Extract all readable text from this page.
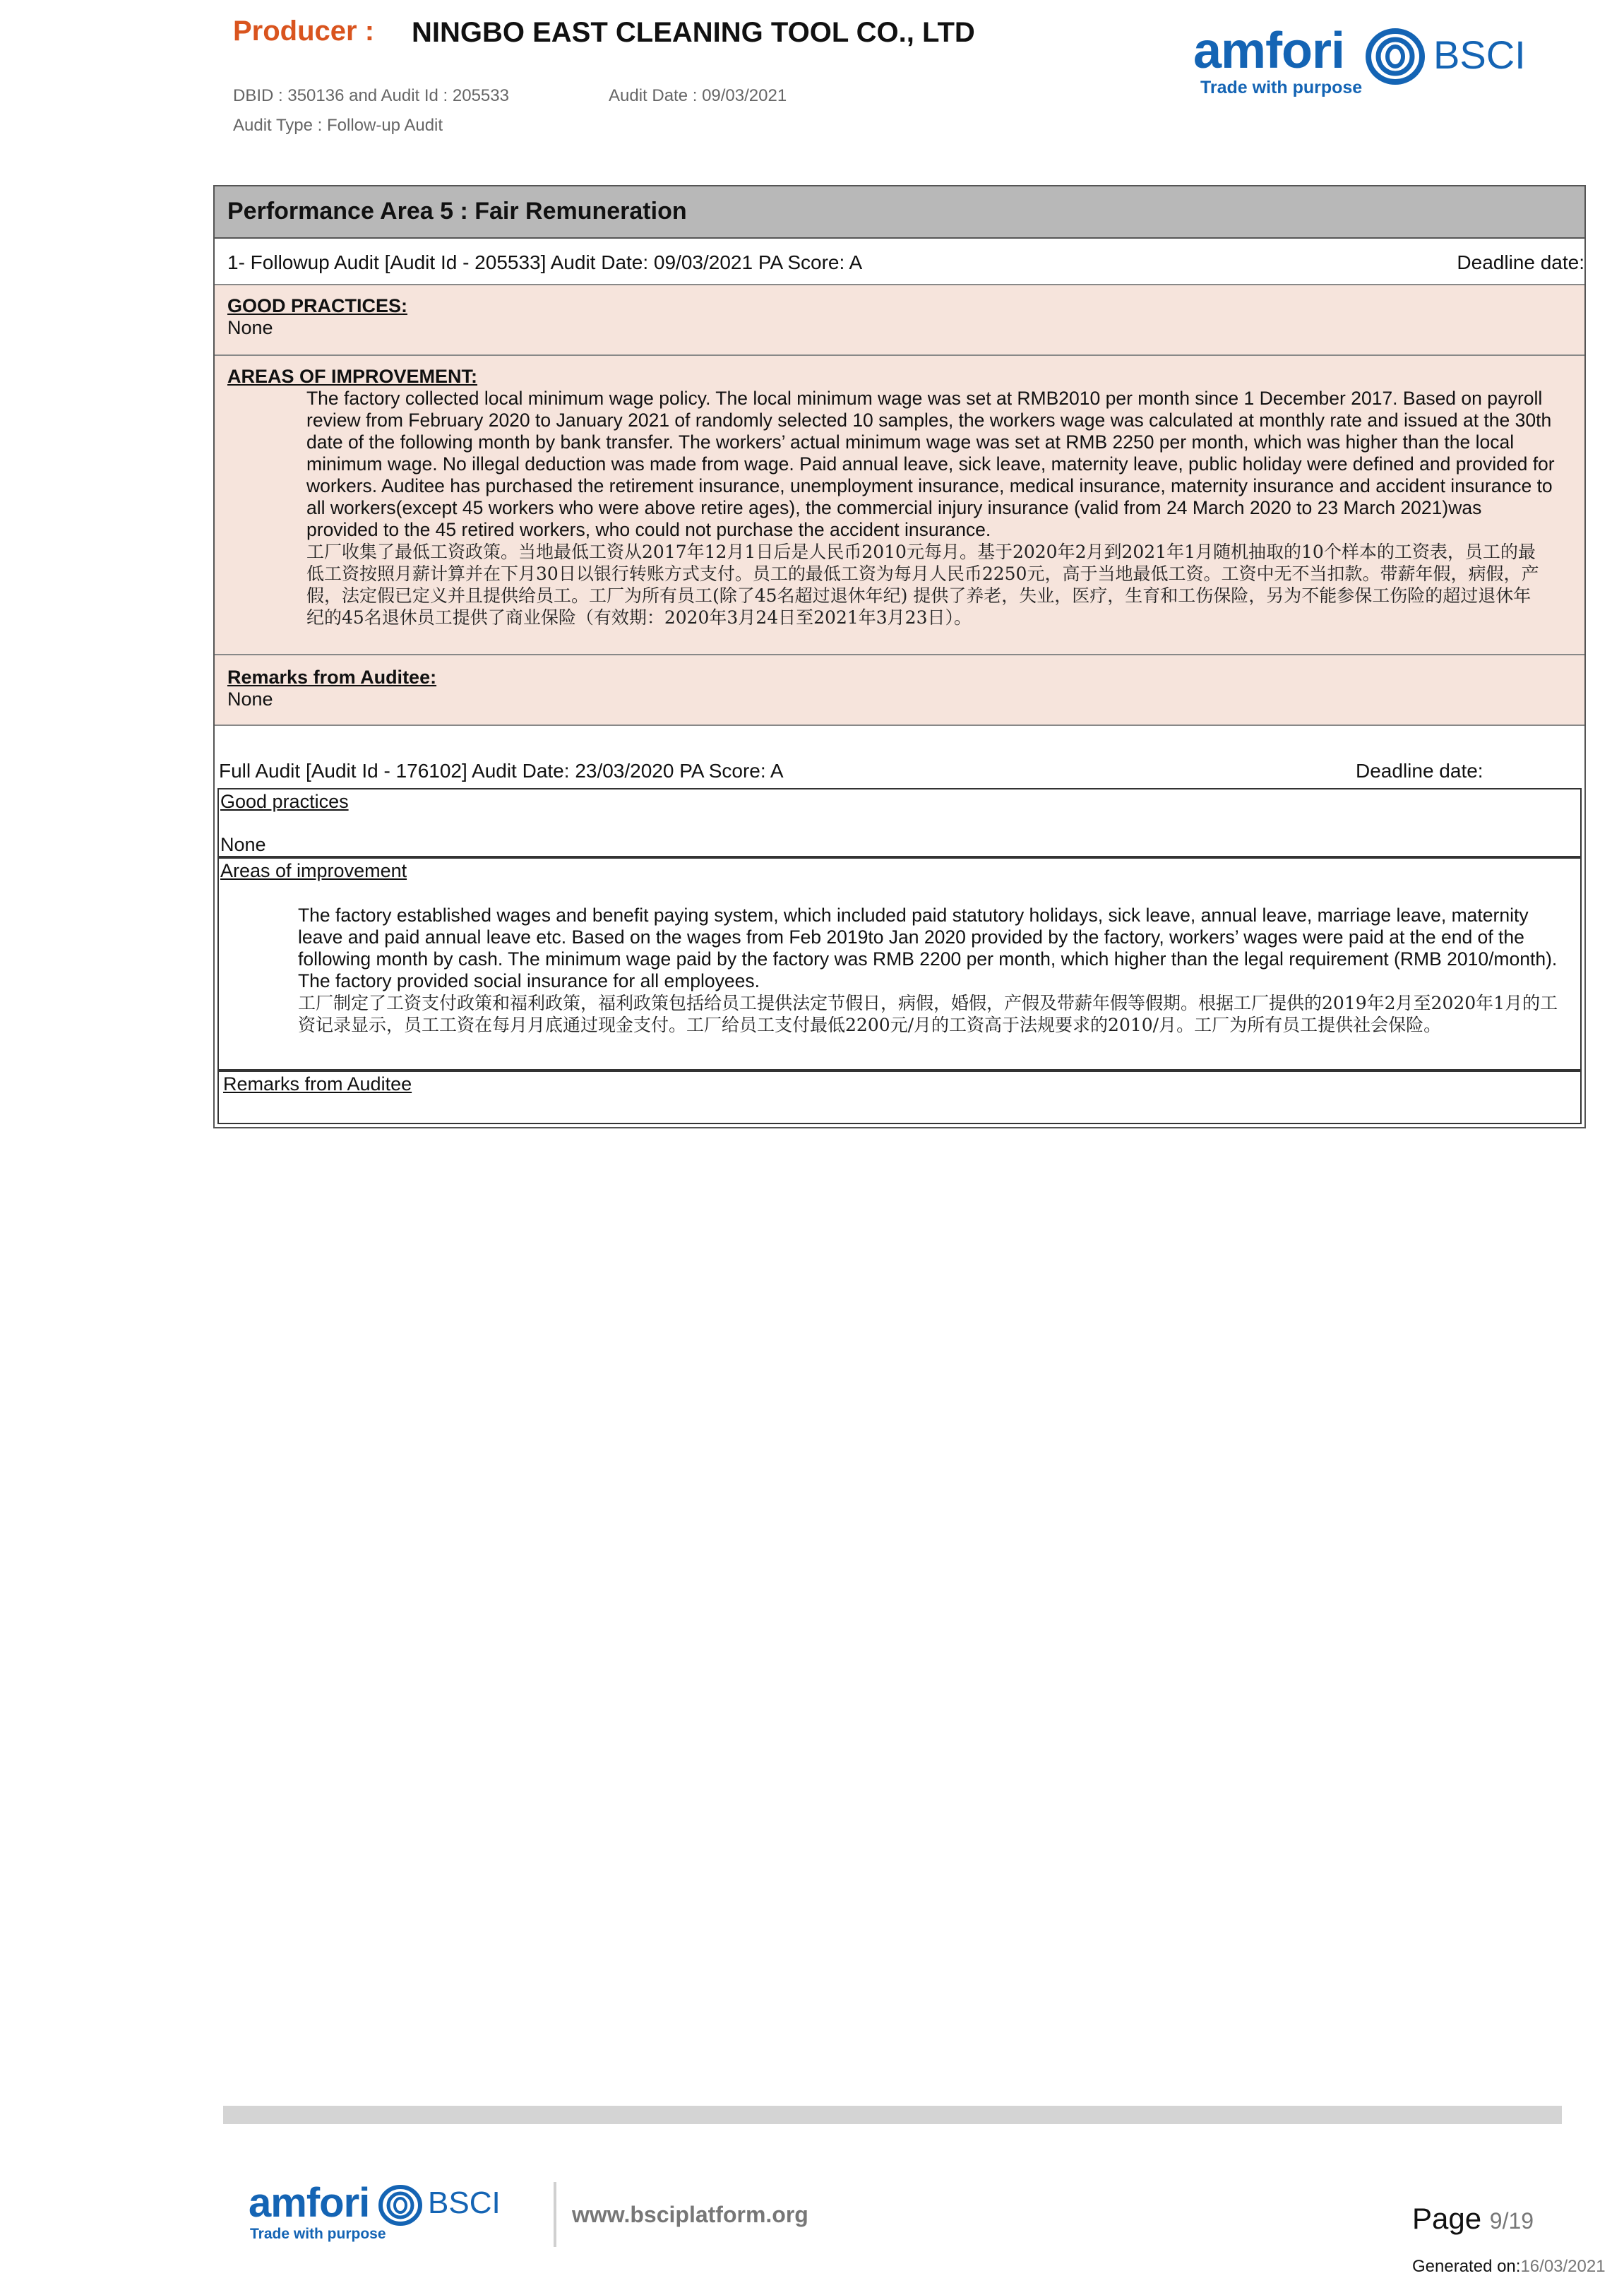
Producer : NINGBO EAST CLEANING TOOL CO., LTD
DBID : 350136 and Audit Id : 205533	Audit Date : 09/03/2021
Audit Type : Follow-up Audit
amfori BSCI
Trade with purpose
Performance Area 5 : Fair Remuneration
1- Followup Audit [Audit Id - 205533] Audit Date: 09/03/2021 PA Score: A	Deadline date:
GOOD PRACTICES:
None
AREAS OF IMPROVEMENT:
The factory collected local minimum wage policy. The local minimum wage was set at RMB2010 per month since 1 December 2017. Based on payroll review from February 2020 to January 2021 of randomly selected 10 samples, the workers wage was calculated at monthly rate and issued at the 30th date of the following month by bank transfer. The workers’ actual minimum wage was set at RMB 2250 per month, which was higher than the local minimum wage. No illegal deduction was made from wage. Paid annual leave, sick leave, maternity leave, public holiday were defined and provided for workers. Auditee has purchased the retirement insurance, unemployment insurance, medical insurance, maternity insurance and accident insurance to all workers(except 45 workers who were above retire ages), the commercial injury insurance (valid from 24 March 2020 to 23 March 2021)was provided to the 45 retired workers, who could not purchase the accident insurance.
工厂收集了最低工资政策。当地最低工资从2017年12月1日后是人民币2010元每月。基于2020年2月到2021年1月随机抽取的10个样本的工资表，员工的最低工资按照月薪计算并在下月30日以银行转账方式支付。员工的最低工资为每月人民币2250元，高于当地最低工资。工资中无不当扣款。带薪年假，病假，产假，法定假已定义并且提供给员工。工厂为所有员工(除了45名超过退休年纪) 提供了养老，失业，医疗，生育和工伤保险，另为不能参保工伤险的超过退休年纪的45名退休员工提供了商业保险（有效期：2020年3月24日至2021年3月23日）。
Remarks from Auditee:
None
Full Audit [Audit Id - 176102] Audit Date: 23/03/2020 PA Score: A	Deadline date:
Good practices
None
Areas of improvement
The factory established wages and benefit paying system, which included paid statutory holidays, sick leave, annual leave, marriage leave, maternity leave and paid annual leave etc. Based on the wages from Feb 2019to Jan 2020 provided by the factory, workers’ wages were paid at the end of the following month by cash. The minimum wage paid by the factory was RMB 2200 per month, which higher than the legal requirement (RMB 2010/month). The factory provided social insurance for all employees.
工厂制定了工资支付政策和福利政策，福利政策包括给员工提供法定节假日，病假，婚假，产假及带薪年假等假期。根据工厂提供的2019年2月至2020年1月的工资记录显示，员工工资在每月月底通过现金支付。工厂给员工支付最低2200元/月的工资高于法规要求的2010/月。工厂为所有员工提供社会保险。
Remarks from Auditee
amfori BSCI
Trade with purpose
www.bsciplatform.org	Page 9/19
Generated on:16/03/2021
